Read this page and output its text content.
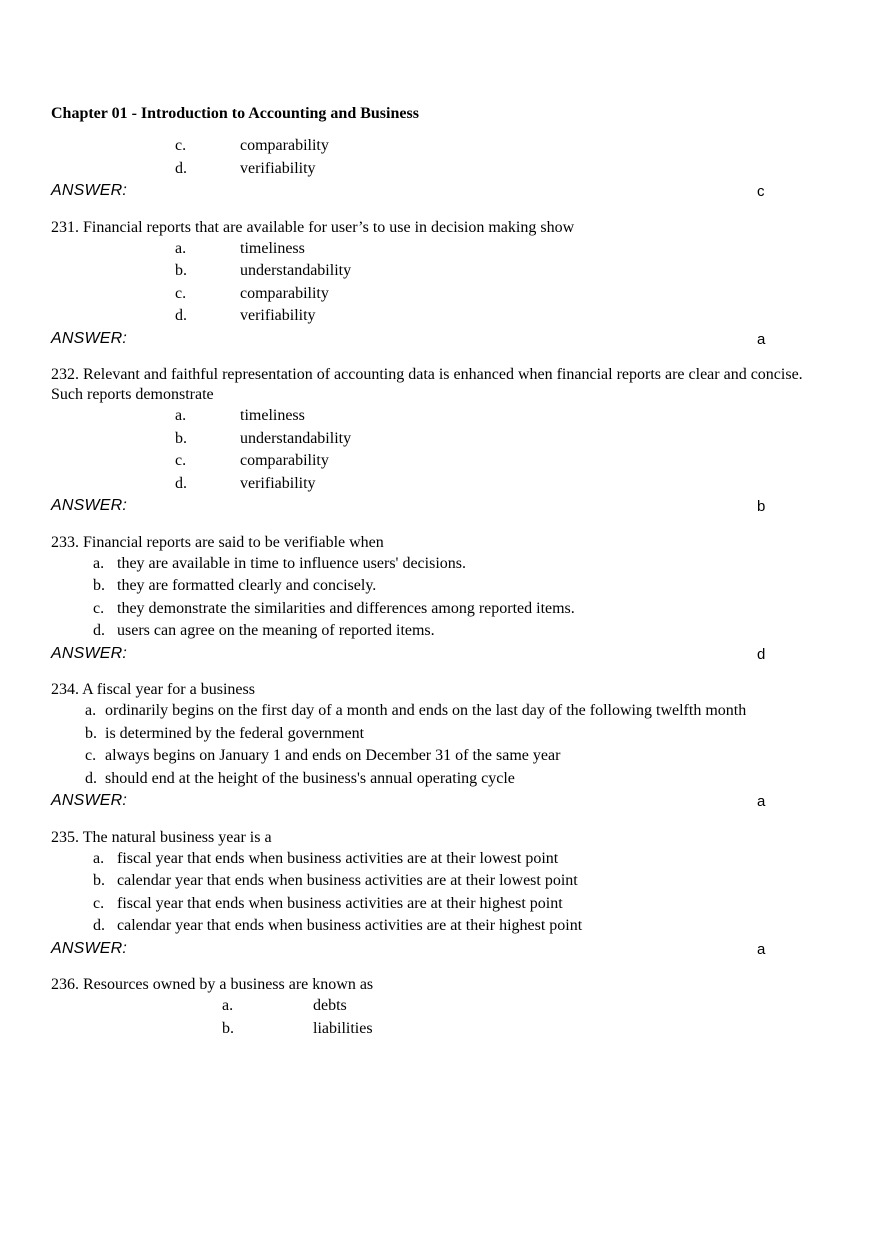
Chapter 01 - Introduction to Accounting and Business
c.	comparability
d.	verifiability
ANSWER:	c

231. Financial reports that are available for user’s to use in decision making show

a.	timeliness
b.	understandability
c.	comparability
d.	verifiability
ANSWER:	a

232. Relevant and faithful representation of accounting data is enhanced when financial reports are clear and concise. Such reports demonstrate

a.	timeliness
b.	understandability
c.	comparability
d.	verifiability
ANSWER:	b

233. Financial reports are said to be verifiable when

a. they are available in time to influence users' decisions.
b. they are formatted clearly and concisely.
c. they demonstrate the similarities and differences among reported items.
d. users can agree on the meaning of reported items.
ANSWER:	d

234. A fiscal year for a business

a. ordinarily begins on the first day of a month and ends on the last day of the following twelfth month
b. is determined by the federal government
c. always begins on January 1 and ends on December 31 of the same year
d. should end at the height of the business's annual operating cycle
ANSWER:	a

235. The natural business year is a

a. fiscal year that ends when business activities are at their lowest point
b. calendar year that ends when business activities are at their lowest point
c. fiscal year that ends when business activities are at their highest point
d. calendar year that ends when business activities are at their highest point
ANSWER:	a

236. Resources owned by a business are known as

a.	debts
b.	liabilities
